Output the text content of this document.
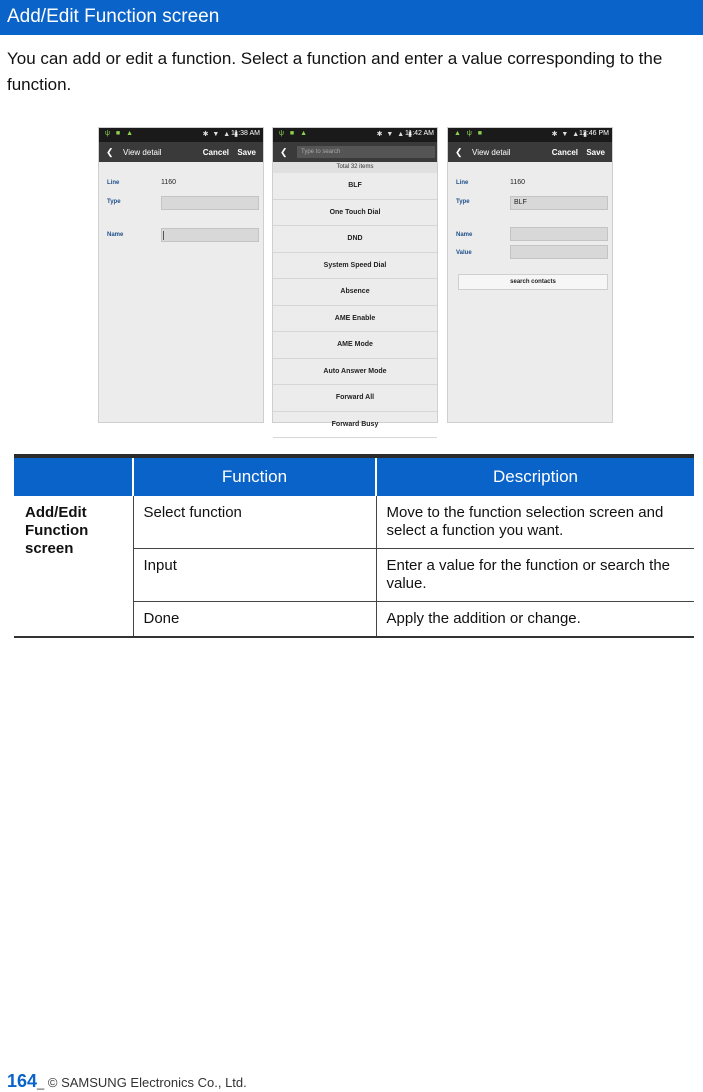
Add/Edit Function screen

You can add or edit a function. Select a function and enter a value corresponding to the function.

ψ ■ ▲	✱ ▼ ▲ ▮
11:38 AM
❮ View detail	Cancel Save
Line	1160
Type
Name
ψ ■ ▲	✱ ▼ ▲ ▮
11:42 AM
❮	Type to search
Total 32 items
BLF
One Touch Dial
DND
System Speed Dial
Absence
AME Enable
AME Mode
Auto Answer Mode
Forward All
Forward Busy
▲ ψ ■	✱ ▼ ▲ ▮
12:46 PM
❮ View detail	Cancel Save
Line	1160
Type	BLF
Name
Value
search contacts
	Function	Description
Add/Edit Function screen	Select function	Move to the function selection screen and select a function you want.
	Input	Enter a value for the function or search the value.
	Done	Apply the addition or change.
164_ © SAMSUNG Electronics Co., Ltd.
